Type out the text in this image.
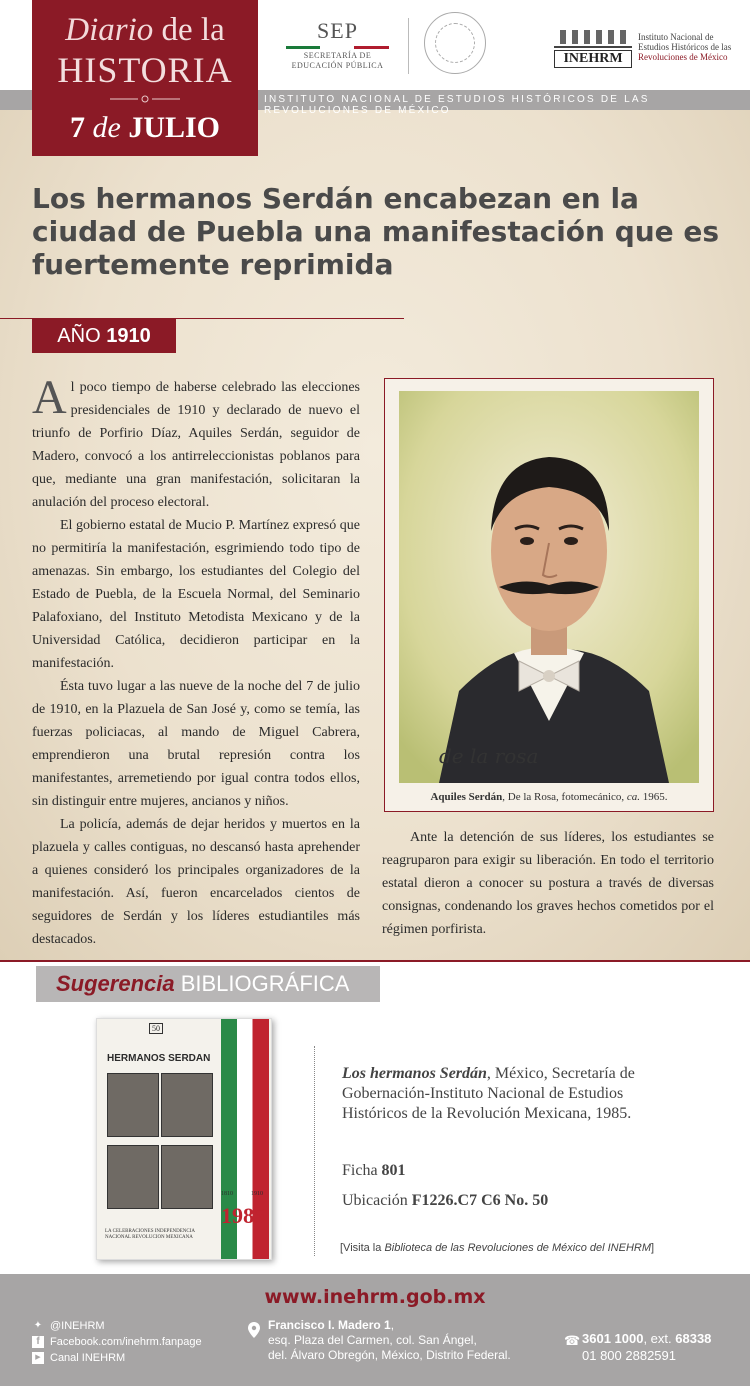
SEP
SECRETARÍA DE
EDUCACIÓN PÚBLICA	INEHRM
Instituto Nacional de
Estudios Históricos de las
Revoluciones de México
Diario de la
HISTORIA
7 de JULIO
INSTITUTO NACIONAL DE ESTUDIOS HISTÓRICOS DE LAS REVOLUCIONES DE MÉXICO
Los hermanos Serdán encabezan en la ciudad de Puebla una manifestación que es fuertemente reprimida
AÑO 1910

Al poco tiempo de haberse celebrado las elecciones presidenciales de 1910 y declarado de nuevo el triunfo de Porfirio Díaz, Aquiles Serdán, seguidor de Madero, convocó a los antirreleccionistas poblanos para que, mediante una gran manifestación, solicitaran la anulación del proceso electoral.

El gobierno estatal de Mucio P. Martínez expresó que no permitiría la manifestación, esgrimiendo todo tipo de amenazas. Sin embargo, los estudiantes del Colegio del Estado de Puebla, de la Escuela Normal, del Seminario Palafoxiano, del Instituto Metodista Mexicano y de la Universidad Católica, decidieron participar en la manifestación.

Ésta tuvo lugar a las nueve de la noche del 7 de julio de 1910, en la Plazuela de San José y, como se temía, las fuerzas policiacas, al mando de Miguel Cabrera, emprendieron una brutal represión contra los manifestantes, arremetiendo por igual contra todos ellos, sin distinguir entre mujeres, ancianos y niños.

La policía, además de dejar heridos y muertos en la plazuela y calles contiguas, no descansó hasta aprehender a quienes consideró los principales organizadores de la manifestación. Así, fueron encarcelados cientos de seguidores de Serdán y los líderes estudiantiles más destacados.

de la rosa
Aquiles Serdán, De la Rosa, fotomecánico, ca. 1965.

Ante la detención de sus líderes, los estudiantes se reagruparon para exigir su liberación. En todo el territorio estatal dieron a conocer su postura a través de diversas consignas, condenando los graves hechos cometidos por el régimen porfirista.

Sugerencia BIBLIOGRÁFICA
50
HERMANOS SERDAN
1810	1910
1985
LA CELEBRACIONES INDEPENDENCIA NACIONAL REVOLUCION MEXICANA
Los hermanos Serdán, México, Secretaría de Gobernación-Instituto Nacional de Estudios Históricos de la Revolución Mexicana, 1985.
Ficha 801
Ubicación F1226.C7 C6 No. 50
[Visita la Biblioteca de las Revoluciones de México del INEHRM]
www.inehrm.gob.mx
✦ @INEHRM
f Facebook.com/inehrm.fanpage
▶ Canal INEHRM
Francisco I. Madero 1,
esq. Plaza del Carmen, col. San Ángel,
del. Álvaro Obregón, México, Distrito Federal.
☎ 3601 1000, ext. 68338
01 800 2882591
